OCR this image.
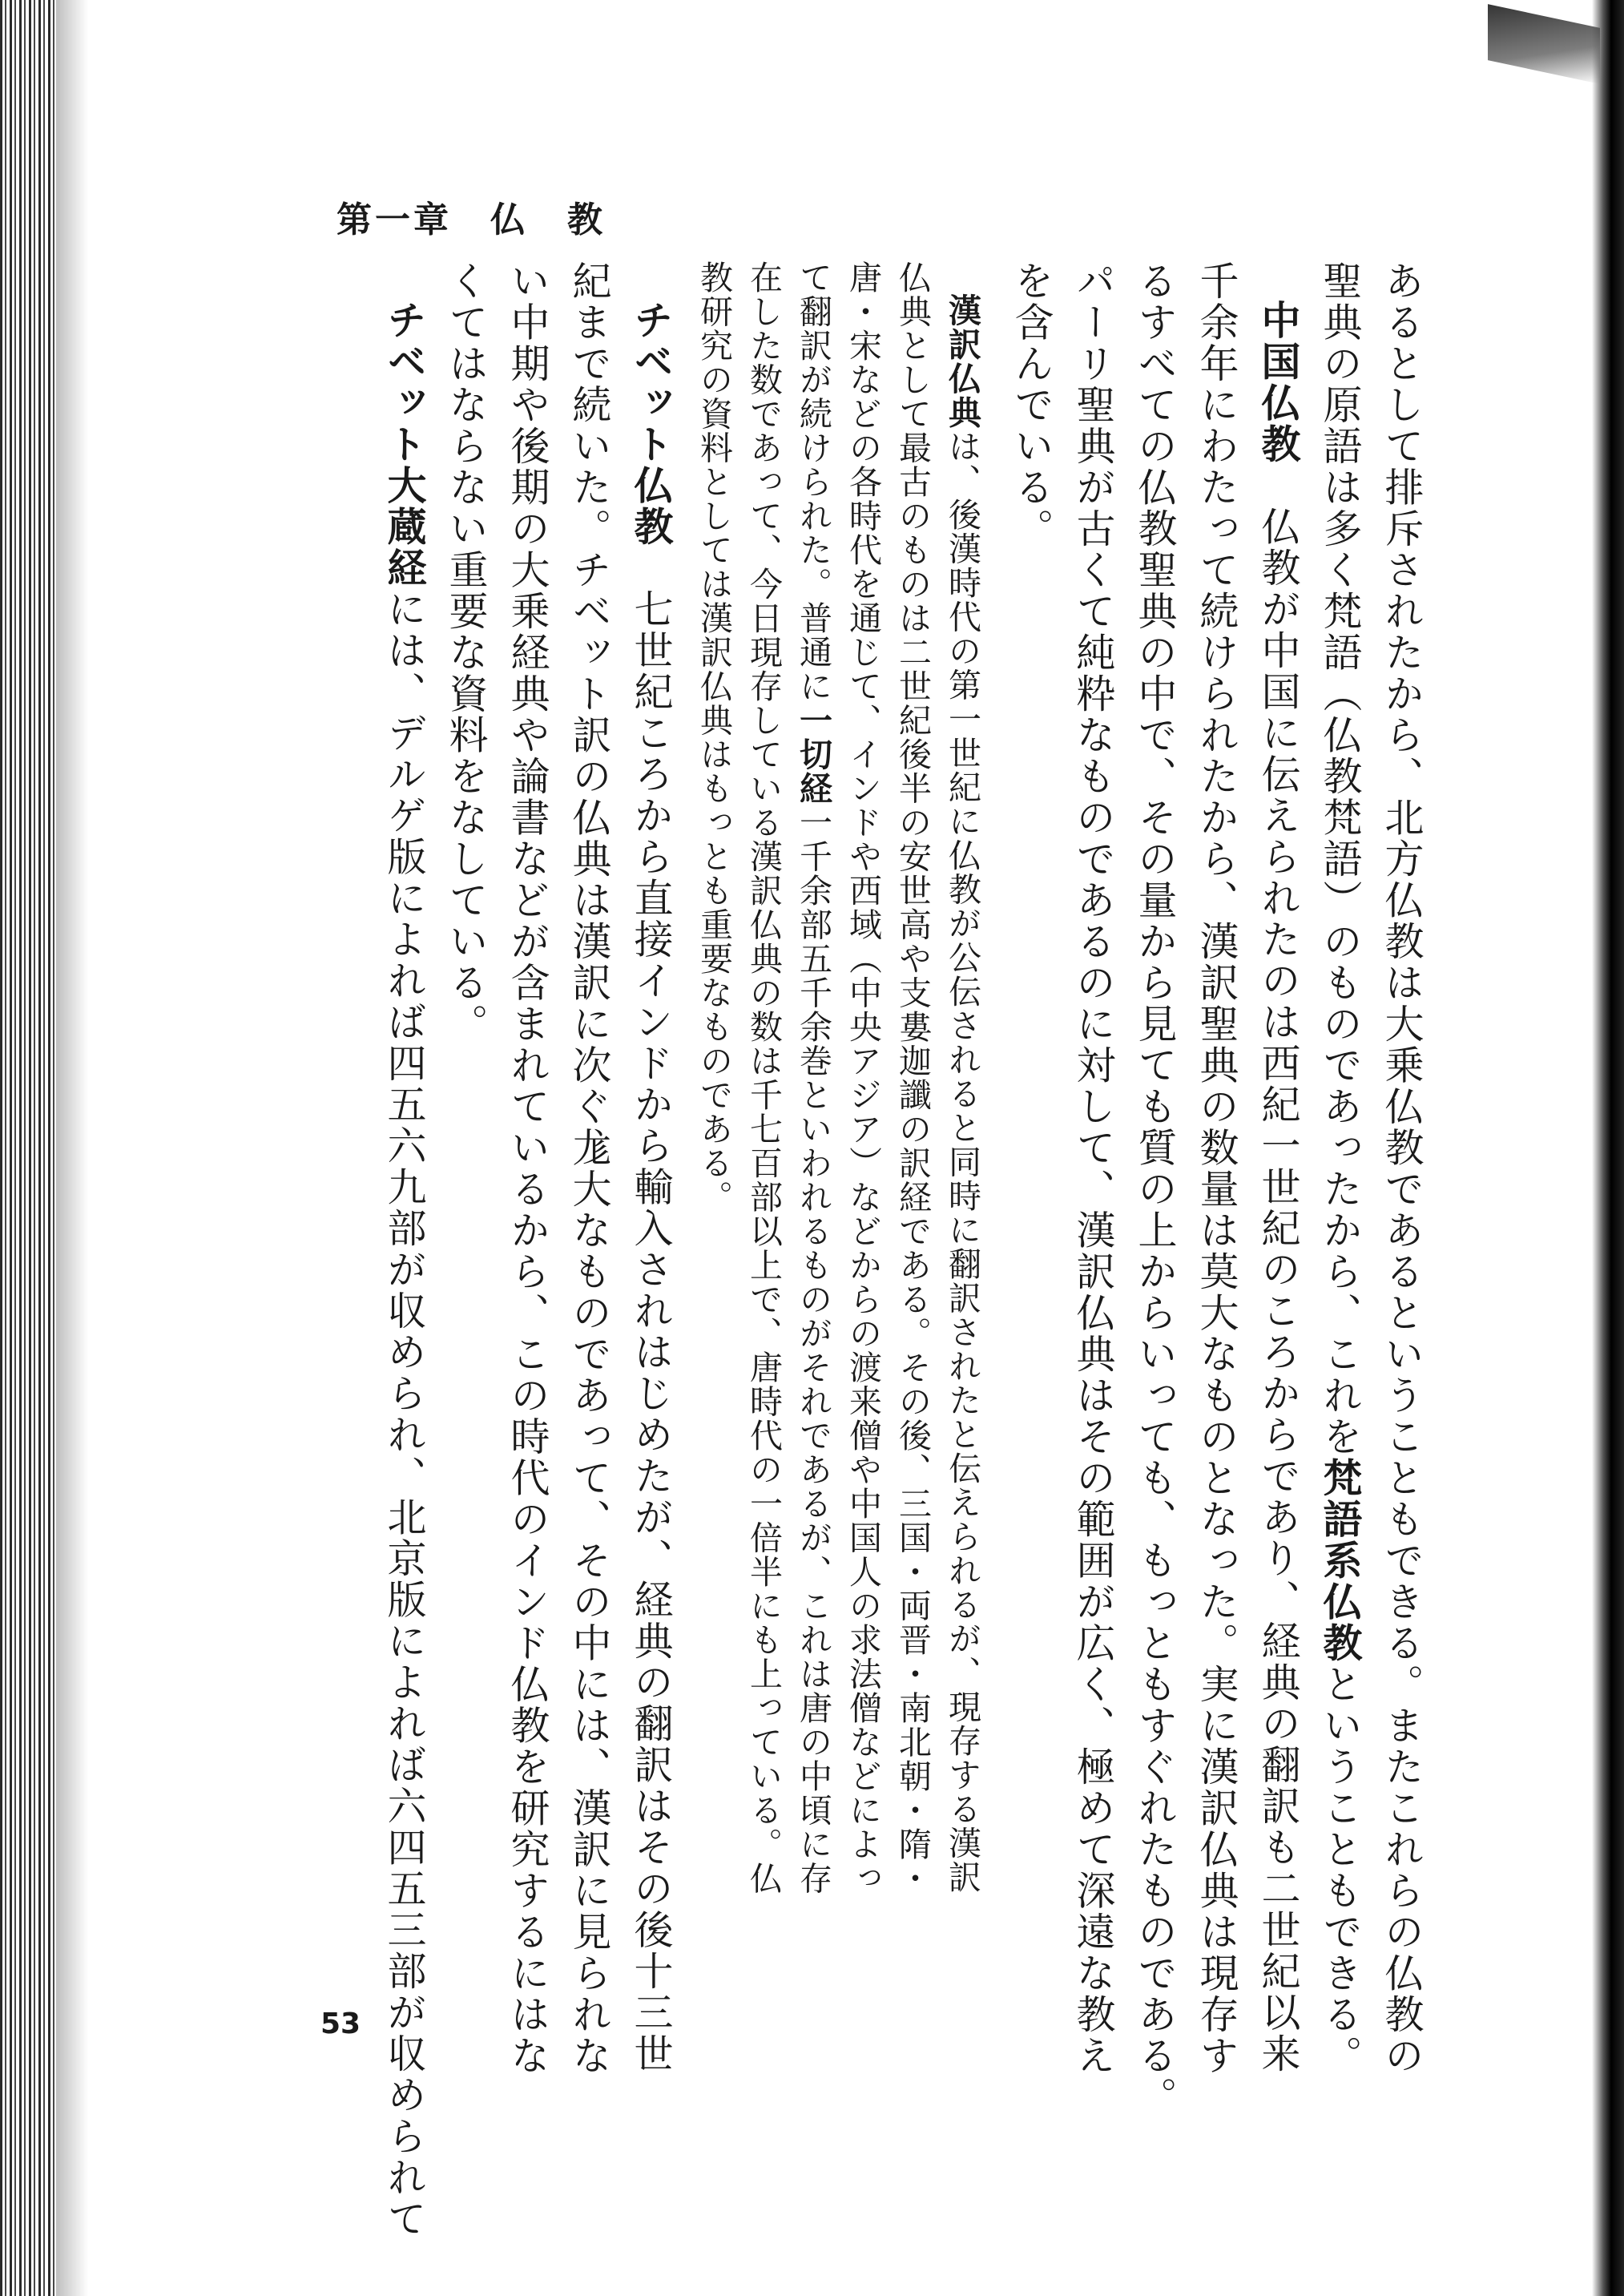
第一章　仏　教
あるとして排斥されたから、北方仏教は大乗仏教であるということもできる。またこれらの仏教の
聖典の原語は多く梵語（仏教梵語）のものであったから、これを梵語系仏教ということもできる。
中国仏教　仏教が中国に伝えられたのは西紀一世紀のころからであり、経典の翻訳も二世紀以来
千余年にわたって続けられたから、漢訳聖典の数量は莫大なものとなった。実に漢訳仏典は現存す
るすべての仏教聖典の中で、その量から見ても質の上からいっても、もっともすぐれたものである。
パーリ聖典が古くて純粋なものであるのに対して、漢訳仏典はその範囲が広く、極めて深遠な教え
を含んでいる。
漢訳仏典は、後漢時代の第一世紀に仏教が公伝されると同時に翻訳されたと伝えられるが、現存する漢訳
仏典として最古のものは二世紀後半の安世高や支婁迦讖の訳経である。その後、三国・両晋・南北朝・隋・
唐・宋などの各時代を通じて、インドや西域（中央アジア）などからの渡来僧や中国人の求法僧などによっ
て翻訳が続けられた。普通に一切経一千余部五千余巻といわれるものがそれであるが、これは唐の中頃に存
在した数であって、今日現存している漢訳仏典の数は千七百部以上で、唐時代の一倍半にも上っている。仏
教研究の資料としては漢訳仏典はもっとも重要なものである。
チベット仏教　七世紀ころから直接インドから輸入されはじめたが、経典の翻訳はその後十三世
紀まで続いた。チベット訳の仏典は漢訳に次ぐ尨大なものであって、その中には、漢訳に見られな
い中期や後期の大乗経典や論書などが含まれているから、この時代のインド仏教を研究するにはな
くてはならない重要な資料をなしている。
チベット大蔵経には、デルゲ版によれば四五六九部が収められ、北京版によれば六四五三部が収められて
53
